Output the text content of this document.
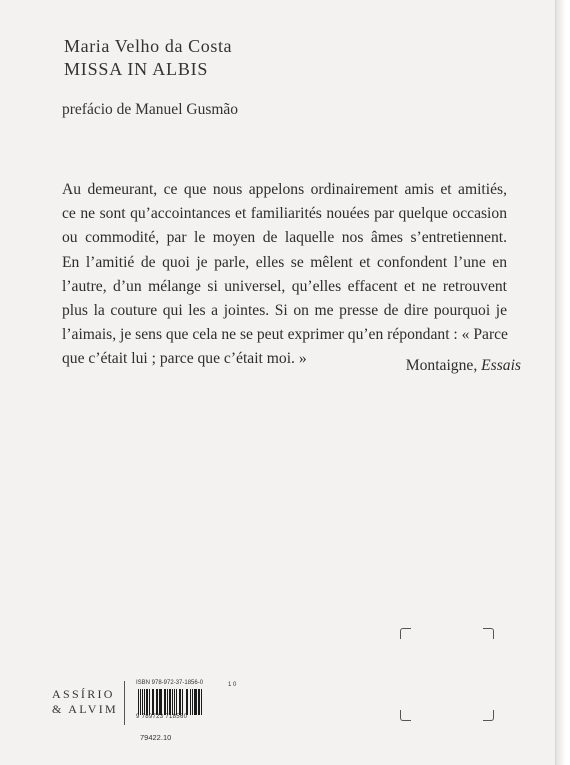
Maria Velho da Costa
MISSA IN ALBIS
prefácio de Manuel Gusmão
Au demeurant, ce que nous appelons ordinairement amis et amitiés,
ce ne sont qu’accointances et familiarités nouées par quelque occasion
ou commodité, par le moyen de laquelle nos âmes s’entretiennent.
En l’amitié de quoi je parle, elles se mêlent et confondent l’une en
l’autre, d’un mélange si universel, qu’elles effacent et ne retrouvent
plus la couture qui les a jointes. Si on me presse de dire pourquoi je
l’aimais, je sens que cela ne se peut exprimer qu’en répondant : « Parce
que c’était lui ; parce que c’était moi. »	Montaigne, Essais
ASSÍRIO
& ALVIM
ISBN 978-972-37-1856-0	1 0
9 789723 718560
79422.10
